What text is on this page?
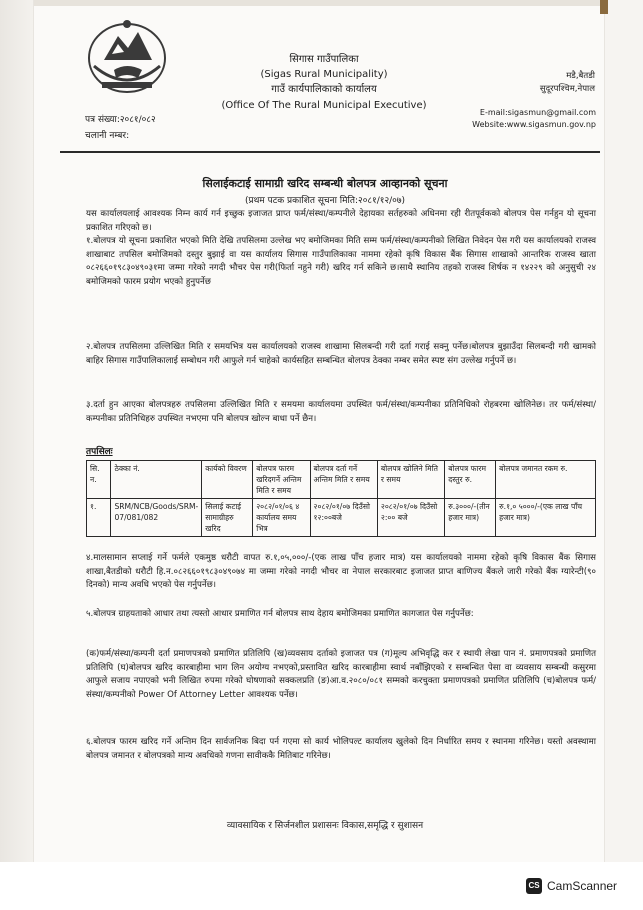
सिगास गाउँपालिका
(Sigas Rural Municipality)
गाउँ कार्यपालिकाको कार्यालय
(Office Of The Rural Municipal Executive)
मडै,बैतडी
सुदूरपश्चिम,नेपाल
E-mail:sigasmun@gmail.com
Website:www.sigasmun.gov.np
पत्र संख्या:२०८१/०८२
चलानी नम्बर:
सिलाईकटाई सामाग्री खरिद सम्बन्धी बोलपत्र आव्हानको सूचना
(प्रथम पटक प्रकाशित सूचना मिति:२०८१/१२/०७)

यस कार्यालयलाई आवश्यक निम्न कार्य गर्न इच्छुक इजाजत प्राप्त फर्म/संस्था/कम्पनीले देहायका सर्तहरुको अधिनमा रही रीतपूर्वकको बोलपत्र पेस गर्नहुन यो सूचना प्रकाशित गरिएको छ।

१.बोलपत्र यो सूचना प्रकाशित भएको मिति देखि तपसिलमा उल्लेख भए बमोजिमका मिति सम्म फर्म/संस्था/कम्पनीको लिखित निवेदन पेस गरी यस कार्यालयको राजस्व शाखाबाट तपसिल बमोजिमको दस्तुर बुझाई वा यस कार्यालय सिगास गाउँपालिकाका नाममा रहेको कृषि विकास बैंक सिगास शाखाको आन्तरिक राजस्व खाता ०८२६६०१९८३०४९०३१मा जम्मा गरेको नगदी भौचर पेस गरी(फिर्ता नहुने गरी) खरिद गर्न सकिने छ।साथै स्थानिय तहको राजस्व शिर्षक न १४२२९ को अनुसुची २४ बमोजिमको फारम प्रयोग भएको हुनुपर्नेछ

२.बोलपत्र तपसिलमा उल्लिखित मिति र समयभित्र यस कार्यालयको राजस्व शाखामा सिलबन्दी गरी दर्ता गराई सक्नु पर्नेछ।बोलपत्र बुझाउँदा सिलबन्दी गरी खामको बाहिर सिगास गाउँपालिकालाई सम्बोधन गरी आफुले गर्न चाहेको कार्यसहित सम्बन्धित बोलपत्र ठेक्का नम्बर समेत स्पष्ट संग उल्लेख गर्नुपर्ने छ।

३.दर्ता हुन आएका बोलपत्रहरु तपसिलमा उल्लिखित मिति र समयमा कार्यालयमा उपस्थित फर्म/संस्था/कम्पनीका प्रतिनिधिको रोहबरमा खोलिनेछ। तर फर्म/संस्था/कम्पनीका प्रतिनिधिहरु उपस्थित नभएमा पनि बोलपत्र खोल्न बाधा पर्ने छैन।

तपसिलः
सि. न.	ठेक्का नं.	कार्यको विवरण	बोलपत्र फारम खरिदगर्ने अन्तिम मिति र समय	बोलपत्र दर्ता गर्ने अन्तिम मिति र समय	बोलपत्र खोलिने मिति र समय	बोलपत्र फारम दस्तुर रु.	बोलपत्र जमानत रकम रु.
१.	SRM/NCB/Goods/SRM-07/081/082	सिलाई कटाई सामाग्रीहरु खरिद	२०८२/०१/०६ ४ कार्यालय समय भित्र	२०८२/०१/०७ दिउँसो १२:००बजे	२०८२/०१/०७ दिउँसो २:०० बजे	रु.३०००/-(तीन हजार मात्र)	रु.१,० ५०००/-(एक लाख पाँच हजार मात्र)

४.मालसामान सप्लाई गर्ने फर्मले एकमुष्ठ धरौटी वापत रु.१,०५,०००/-(एक लाख पाँच हजार मात्र) यस कार्यालयको नाममा रहेको कृषि विकास बैंक सिगास शाखा,बैतडीको धरौटी हि.न.०८२६६०१९८३०४९०७४ मा जम्मा गरेको नगदी भौचर वा नेपाल सरकारबाट इजाजत प्राप्त बाणिज्य बैंकले जारी गरेको बैंक ग्यारेन्टी(९० दिनको) मान्य अवधि भएको पेस गर्नुपर्नेछ।

५.बोलपत्र ग्राहयताको आधार तथा त्यस्तो आधार प्रमाणित गर्न बोलपत्र साथ देहाय बमोजिमका प्रमाणित कागजात पेस गर्नुपर्नेछ:

(क)फर्म/संस्था/कम्पनी दर्ता प्रमाणपत्रको प्रमाणित प्रतिलिपि (ख)व्यवसाय दर्ताको इजाजत पत्र (ग)मूल्य अभिवृद्धि कर र स्थायी लेखा पान नं. प्रमाणपत्रको प्रमाणित प्रतिलिपि (घ)बोलपत्र खरिद कारबाहीमा भाग लिन अयोग्य नभएको,प्रस्तावित खरिद कारबाहीमा स्वार्थ नबाँझिएको र सम्बन्धित पेसा वा व्यवसाय सम्बन्धी कसुरमा आफुले सजाय नपाएको भनी लिखित रुपमा गरेको घोषणाको सक्कलप्रति (ङ)आ.व.२०८०/०८१ सम्मको करचुक्ता प्रमाणपत्रको प्रमाणित प्रतिलिपि (च)बोलपत्र फर्म/संस्था/कम्पनीको Power Of Attorney Letter आवश्यक पर्नेछ।

६.बोलपत्र फारम खरिद गर्ने अन्तिम दिन सार्वजनिक बिदा पर्न गएमा सो कार्य भोलिपल्ट कार्यालय खुलेको दिन निर्धारित समय र स्थानमा गरिनेछ। यस्तो अवस्थामा बोलपत्र जमानत र बोलपत्रको मान्य अवधिको गणना सावीककै मितिबाट गरिनेछ।

व्यावसायिक र सिर्जनशील प्रशासनः विकास,समृद्धि र सुशासन
CS CamScanner
